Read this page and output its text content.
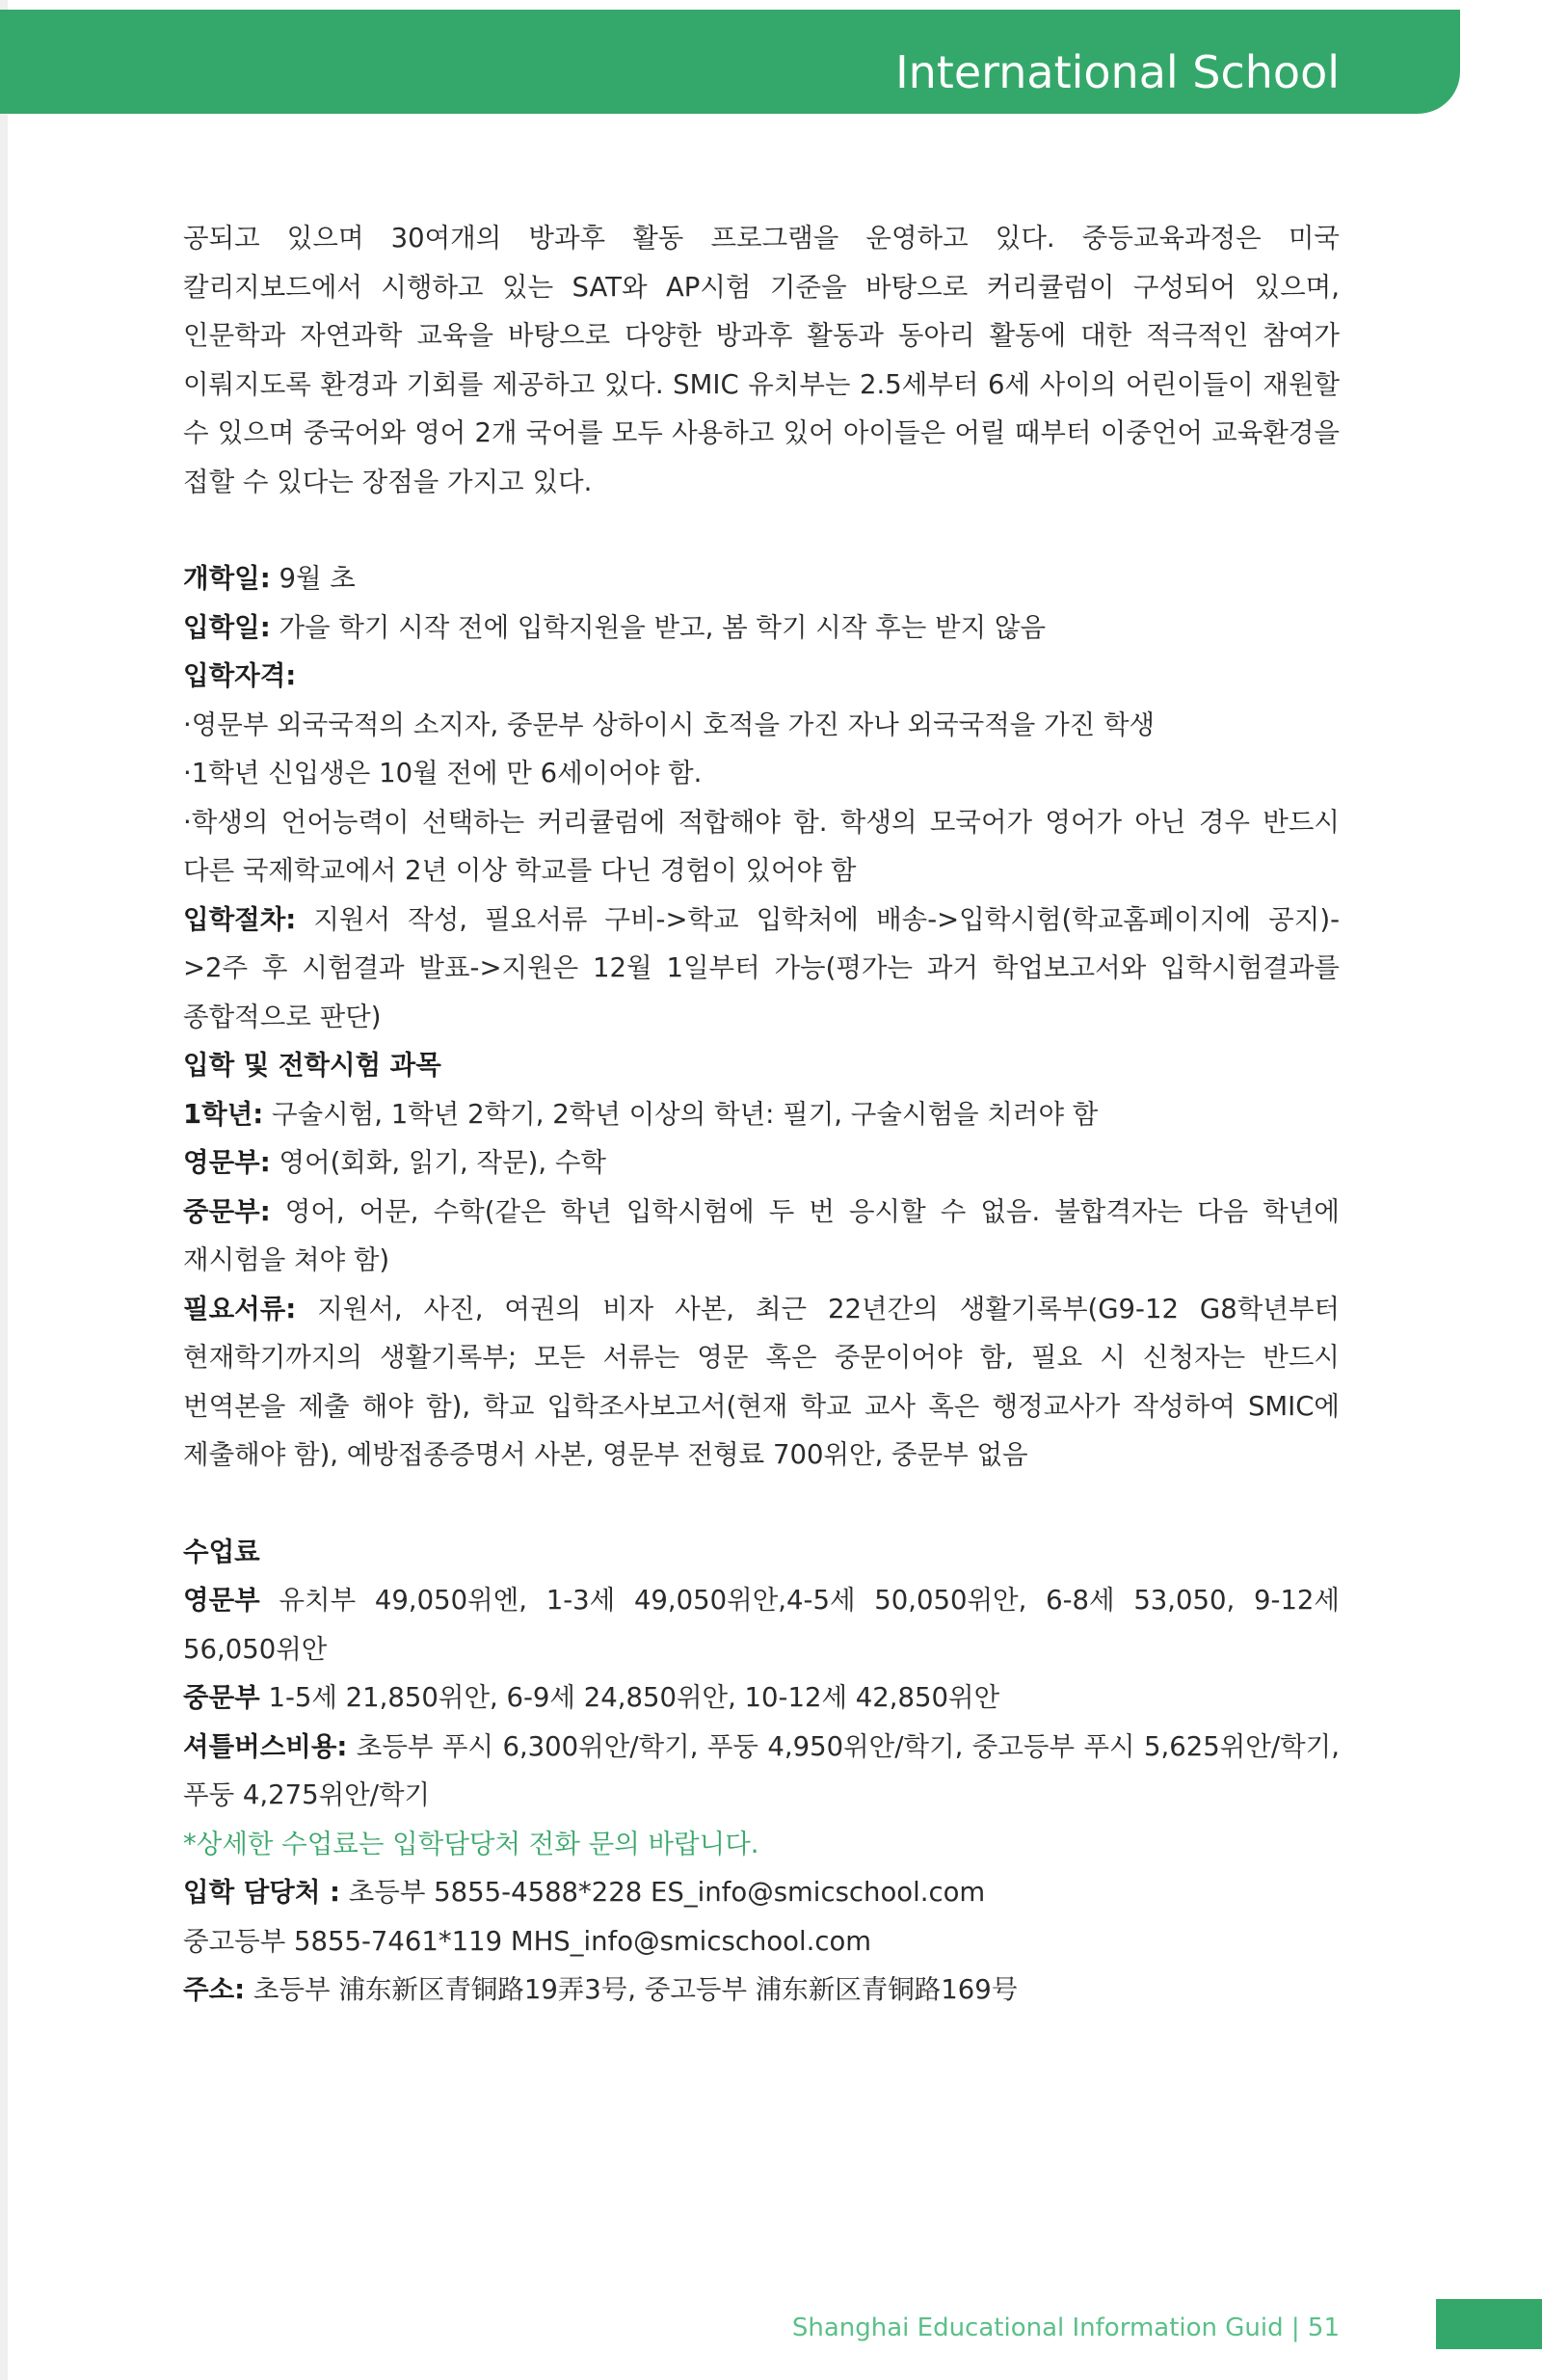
International School

공되고 있으며 30여개의 방과후 활동 프로그램을 운영하고 있다. 중등교육과정은 미국 칼리지보드에서 시행하고 있는 SAT와 AP시험 기준을 바탕으로 커리큘럼이 구성되어 있으며, 인문학과 자연과학 교육을 바탕으로 다양한 방과후 활동과 동아리 활동에 대한 적극적인 참여가 이뤄지도록 환경과 기회를 제공하고 있다. SMIC 유치부는 2.5세부터 6세 사이의 어린이들이 재원할 수 있으며 중국어와 영어 2개 국어를 모두 사용하고 있어 아이들은 어릴 때부터 이중언어 교육환경을 접할 수 있다는 장점을 가지고 있다.

개학일: 9월 초

입학일: 가을 학기 시작 전에 입학지원을 받고, 봄 학기 시작 후는 받지 않음

입학자격:

·영문부 외국국적의 소지자, 중문부 상하이시 호적을 가진 자나 외국국적을 가진 학생

·1학년 신입생은 10월 전에 만 6세이어야 함.

·학생의 언어능력이 선택하는 커리큘럼에 적합해야 함. 학생의 모국어가 영어가 아닌 경우 반드시 다른 국제학교에서 2년 이상 학교를 다닌 경험이 있어야 함

입학절차: 지원서 작성, 필요서류 구비->학교 입학처에 배송->입학시험(학교홈페이지에 공지)->2주 후 시험결과 발표->지원은 12월 1일부터 가능(평가는 과거 학업보고서와 입학시험결과를 종합적으로 판단)

입학 및 전학시험 과목

1학년: 구술시험, 1학년 2학기, 2학년 이상의 학년: 필기, 구술시험을 치러야 함

영문부: 영어(회화, 읽기, 작문), 수학

중문부: 영어, 어문, 수학(같은 학년 입학시험에 두 번 응시할 수 없음. 불합격자는 다음 학년에 재시험을 쳐야 함)

필요서류: 지원서, 사진, 여권의 비자 사본, 최근 22년간의 생활기록부(G9-12 G8학년부터 현재학기까지의 생활기록부; 모든 서류는 영문 혹은 중문이어야 함, 필요 시 신청자는 반드시 번역본을 제출 해야 함), 학교 입학조사보고서(현재 학교 교사 혹은 행정교사가 작성하여 SMIC에 제출해야 함), 예방접종증명서 사본, 영문부 전형료 700위안, 중문부 없음

수업료

영문부 유치부 49,050위엔, 1-3세 49,050위안,4-5세 50,050위안, 6-8세 53,050, 9-12세 56,050위안

중문부 1-5세 21,850위안, 6-9세 24,850위안, 10-12세 42,850위안

셔틀버스비용: 초등부 푸시 6,300위안/학기, 푸둥 4,950위안/학기, 중고등부 푸시 5,625위안/학기, 푸둥 4,275위안/학기

*상세한 수업료는 입학담당처 전화 문의 바랍니다.

입학 담당처 : 초등부 5855-4588*228 ES_info@smicschool.com

중고등부 5855-7461*119 MHS_info@smicschool.com

주소: 초등부 浦东新区青铜路19弄3号, 중고등부 浦东新区青铜路169号

Shanghai Educational Information Guid | 51
